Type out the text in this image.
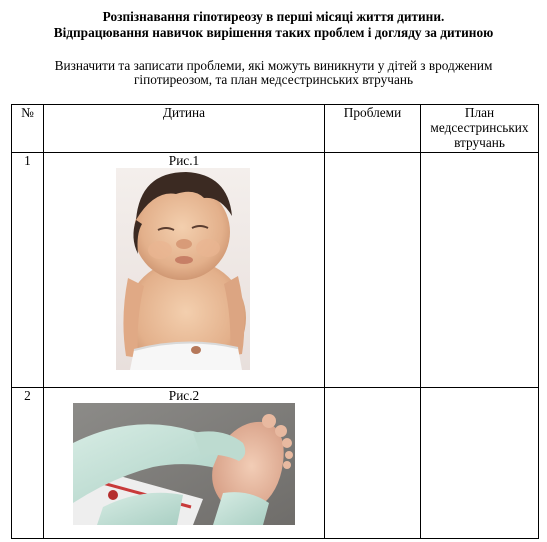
Розпізнавання гіпотиреозу в перші місяці життя дитини.
Відпрацювання навичок вирішення таких проблем і догляду за дитиною
Визначити та записати проблеми, які можуть виникнути у дітей з вродженим
гіпотиреозом, та план медсестринських втручань
№	Дитина	Проблеми	План
медсестринських
втручань

1	Рис.1		

2	Рис.2		
